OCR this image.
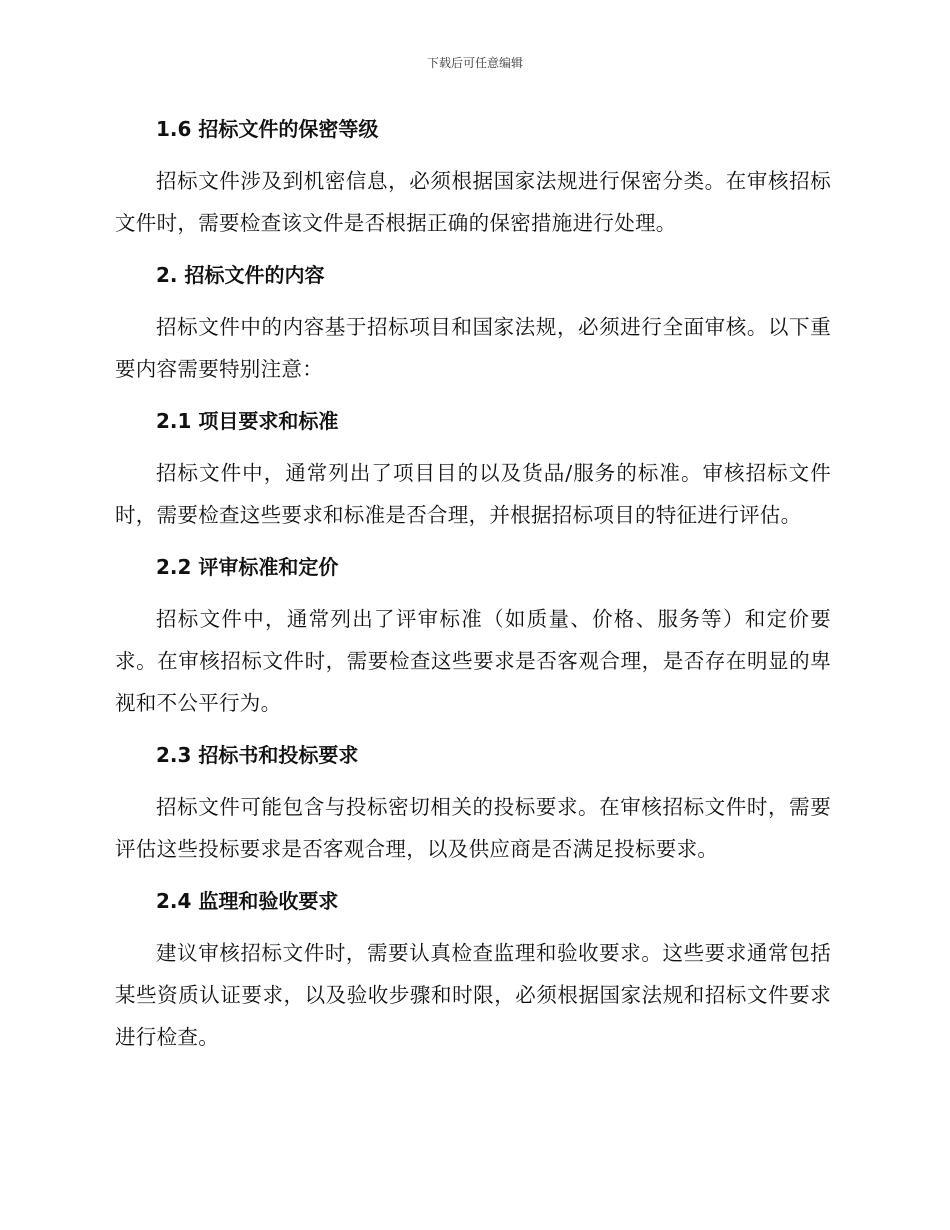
下载后可任意编辑
1.6 招标文件的保密等级

招标文件涉及到机密信息，必须根据国家法规进行保密分类。在审核招标文件时，需要检查该文件是否根据正确的保密措施进行处理。

2. 招标文件的内容

招标文件中的内容基于招标项目和国家法规，必须进行全面审核。以下重要内容需要特别注意：

2.1 项目要求和标准

招标文件中，通常列出了项目目的以及货品/服务的标准。审核招标文件时，需要检查这些要求和标准是否合理，并根据招标项目的特征进行评估。

2.2 评审标准和定价

招标文件中，通常列出了评审标准（如质量、价格、服务等）和定价要求。在审核招标文件时，需要检查这些要求是否客观合理，是否存在明显的卑视和不公平行为。

2.3 招标书和投标要求

招标文件可能包含与投标密切相关的投标要求。在审核招标文件时，需要评估这些投标要求是否客观合理，以及供应商是否满足投标要求。

2.4 监理和验收要求

建议审核招标文件时，需要认真检查监理和验收要求。这些要求通常包括某些资质认证要求，以及验收步骤和时限，必须根据国家法规和招标文件要求进行检查。
